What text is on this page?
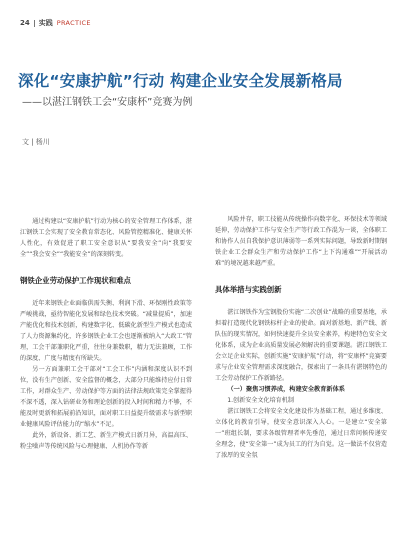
24 实践 PRACTICE
深化“安康护航”行动 构建企业安全发展新格局
——以湛江钢铁工会“安康杯”竞赛为例
文 | 杨川

通过构建以“安康护航”行动为核心的安全管理工作体系，湛江钢铁工会实现了安全教育常态化、风险管控精准化、健康关怀人性化，有效促进了职工安全意识从“要我安全”向“我要安全”“我会安全”“我能安全”的深刻转变。

钢铁企业劳动保护工作现状和难点

近年来钢铁企业面临供需失衡、利润下滑、环保刚性政策等严峻挑战，亟待智能化发展和绿色技术突破。“减量提质”，加速产能优化和技术创新，构建数字化、低碳化新型生产模式也造成了人力资源集约化，许多钢铁企业工会也逐渐被纳入“大政工”管理，工会干部兼职化严重，往往身兼数职，精力无法兼顾，工作的深度、广度与精度有所缺失。

另一方面兼职工会干部对“工会工作”内涵和深度认识不到位，没有生产创新、安全监督的概念，大部分只能维持应付日常工作，对群众生产、劳动保护等方面的法律法规政策完全掌握得不深不透，深入钻研业务和理论创新的投入时间和精力不够，不能及时更新和拓展前沿知识，面对职工日益提升级需求与新型职业健康风险评估能力的“缩水”不足。

此外，新设备、新工艺、新生产模式日新月异，高温高压、粉尘噪声等传统风险与心理健康、人机协作等新

风险并存，职工技能从传统操作向数字化、环保技术等领域延伸，劳动保护工作与安全生产等行政工作混为一谈，全体职工和协作人员自我保护意识薄弱等一系列实际问题，导致新时期钢铁企业工会群众生产和劳动保护工作“上下沟通难”“开展活动难”的境况越来越严重。

具体举措与实践创新

湛江钢铁作为宝钢股份实施“二次创业”战略的重要基地，承担着打造现代化钢铁标杆企业的使命。面对新基地、新产线、新队伍的现实情况，如何快速提升全员安全素养，构建特色安全文化体系，成为企业高质量发展必须解决的重要课题。湛江钢铁工会立足企业实际，创新实施“安康护航”行动，将“安康杯”竞赛要求与企业安全管理需求深度融合，探索出了一条具有湛钢特色的工会劳动保护工作新路径。

（一）聚焦习惯养成，构建安全教育新体系

1.创新安全文化培育机制

湛江钢铁工会将安全文化建设作为基础工程，通过多维度、立体化的教育引导，使安全意识深入人心。一是建立“安全第一”班组长制，要求各级管理者率先垂范，通过日常问候传递安全理念，使“安全第一”成为员工的行为自觉。这一做法不仅营造了浓厚的安全氛
